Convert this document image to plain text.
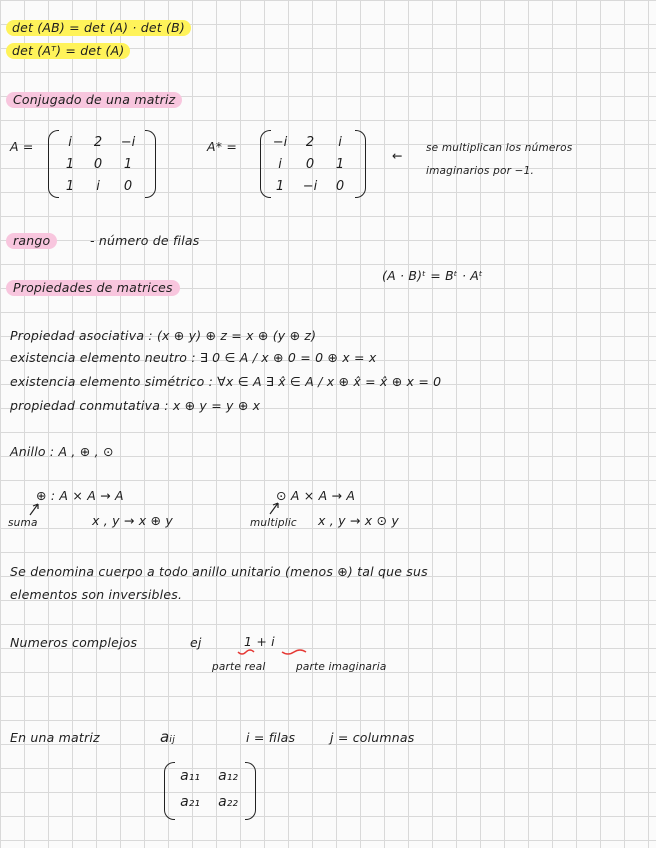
det (AB) = det (A) · det (B)
det (Aᵀ) = det (A)
Conjugado de una matriz
A =	i	2	−i
1	0	1
1	i	0
A* =	−i	2	i
i	0	1
1	−i	0
← se multiplican los números
imaginarios por −1.
rango	- número de filas
Propiedades de matrices
(A · B)ᵗ = Bᵗ · Aᵗ
Propiedad asociativa : (x ⊕ y) ⊕ z = x ⊕ (y ⊕ z)
existencia elemento neutro : ∃ 0 ∈ A / x ⊕ 0 = 0 ⊕ x = x
existencia elemento simétrico : ∀x ∈ A ∃ x̂ ∈ A / x ⊕ x̂ = x̂ ⊕ x = 0
propiedad conmutativa : x ⊕ y = y ⊕ x
Anillo : A , ⊕ , ⊙
⊕ : A × A → A
x , y → x ⊕ y
suma
⊙ A × A → A
x , y → x ⊙ y
multiplic
Se denomina cuerpo a todo anillo unitario (menos ⊕) tal que sus
elementos son inversibles.
Numeros complejos	ej	1 + i
parte real	parte imaginaria
En una matriz	aᵢⱼ	i = filas	j = columnas
a₁₁	a₁₂
a₂₁	a₂₂
